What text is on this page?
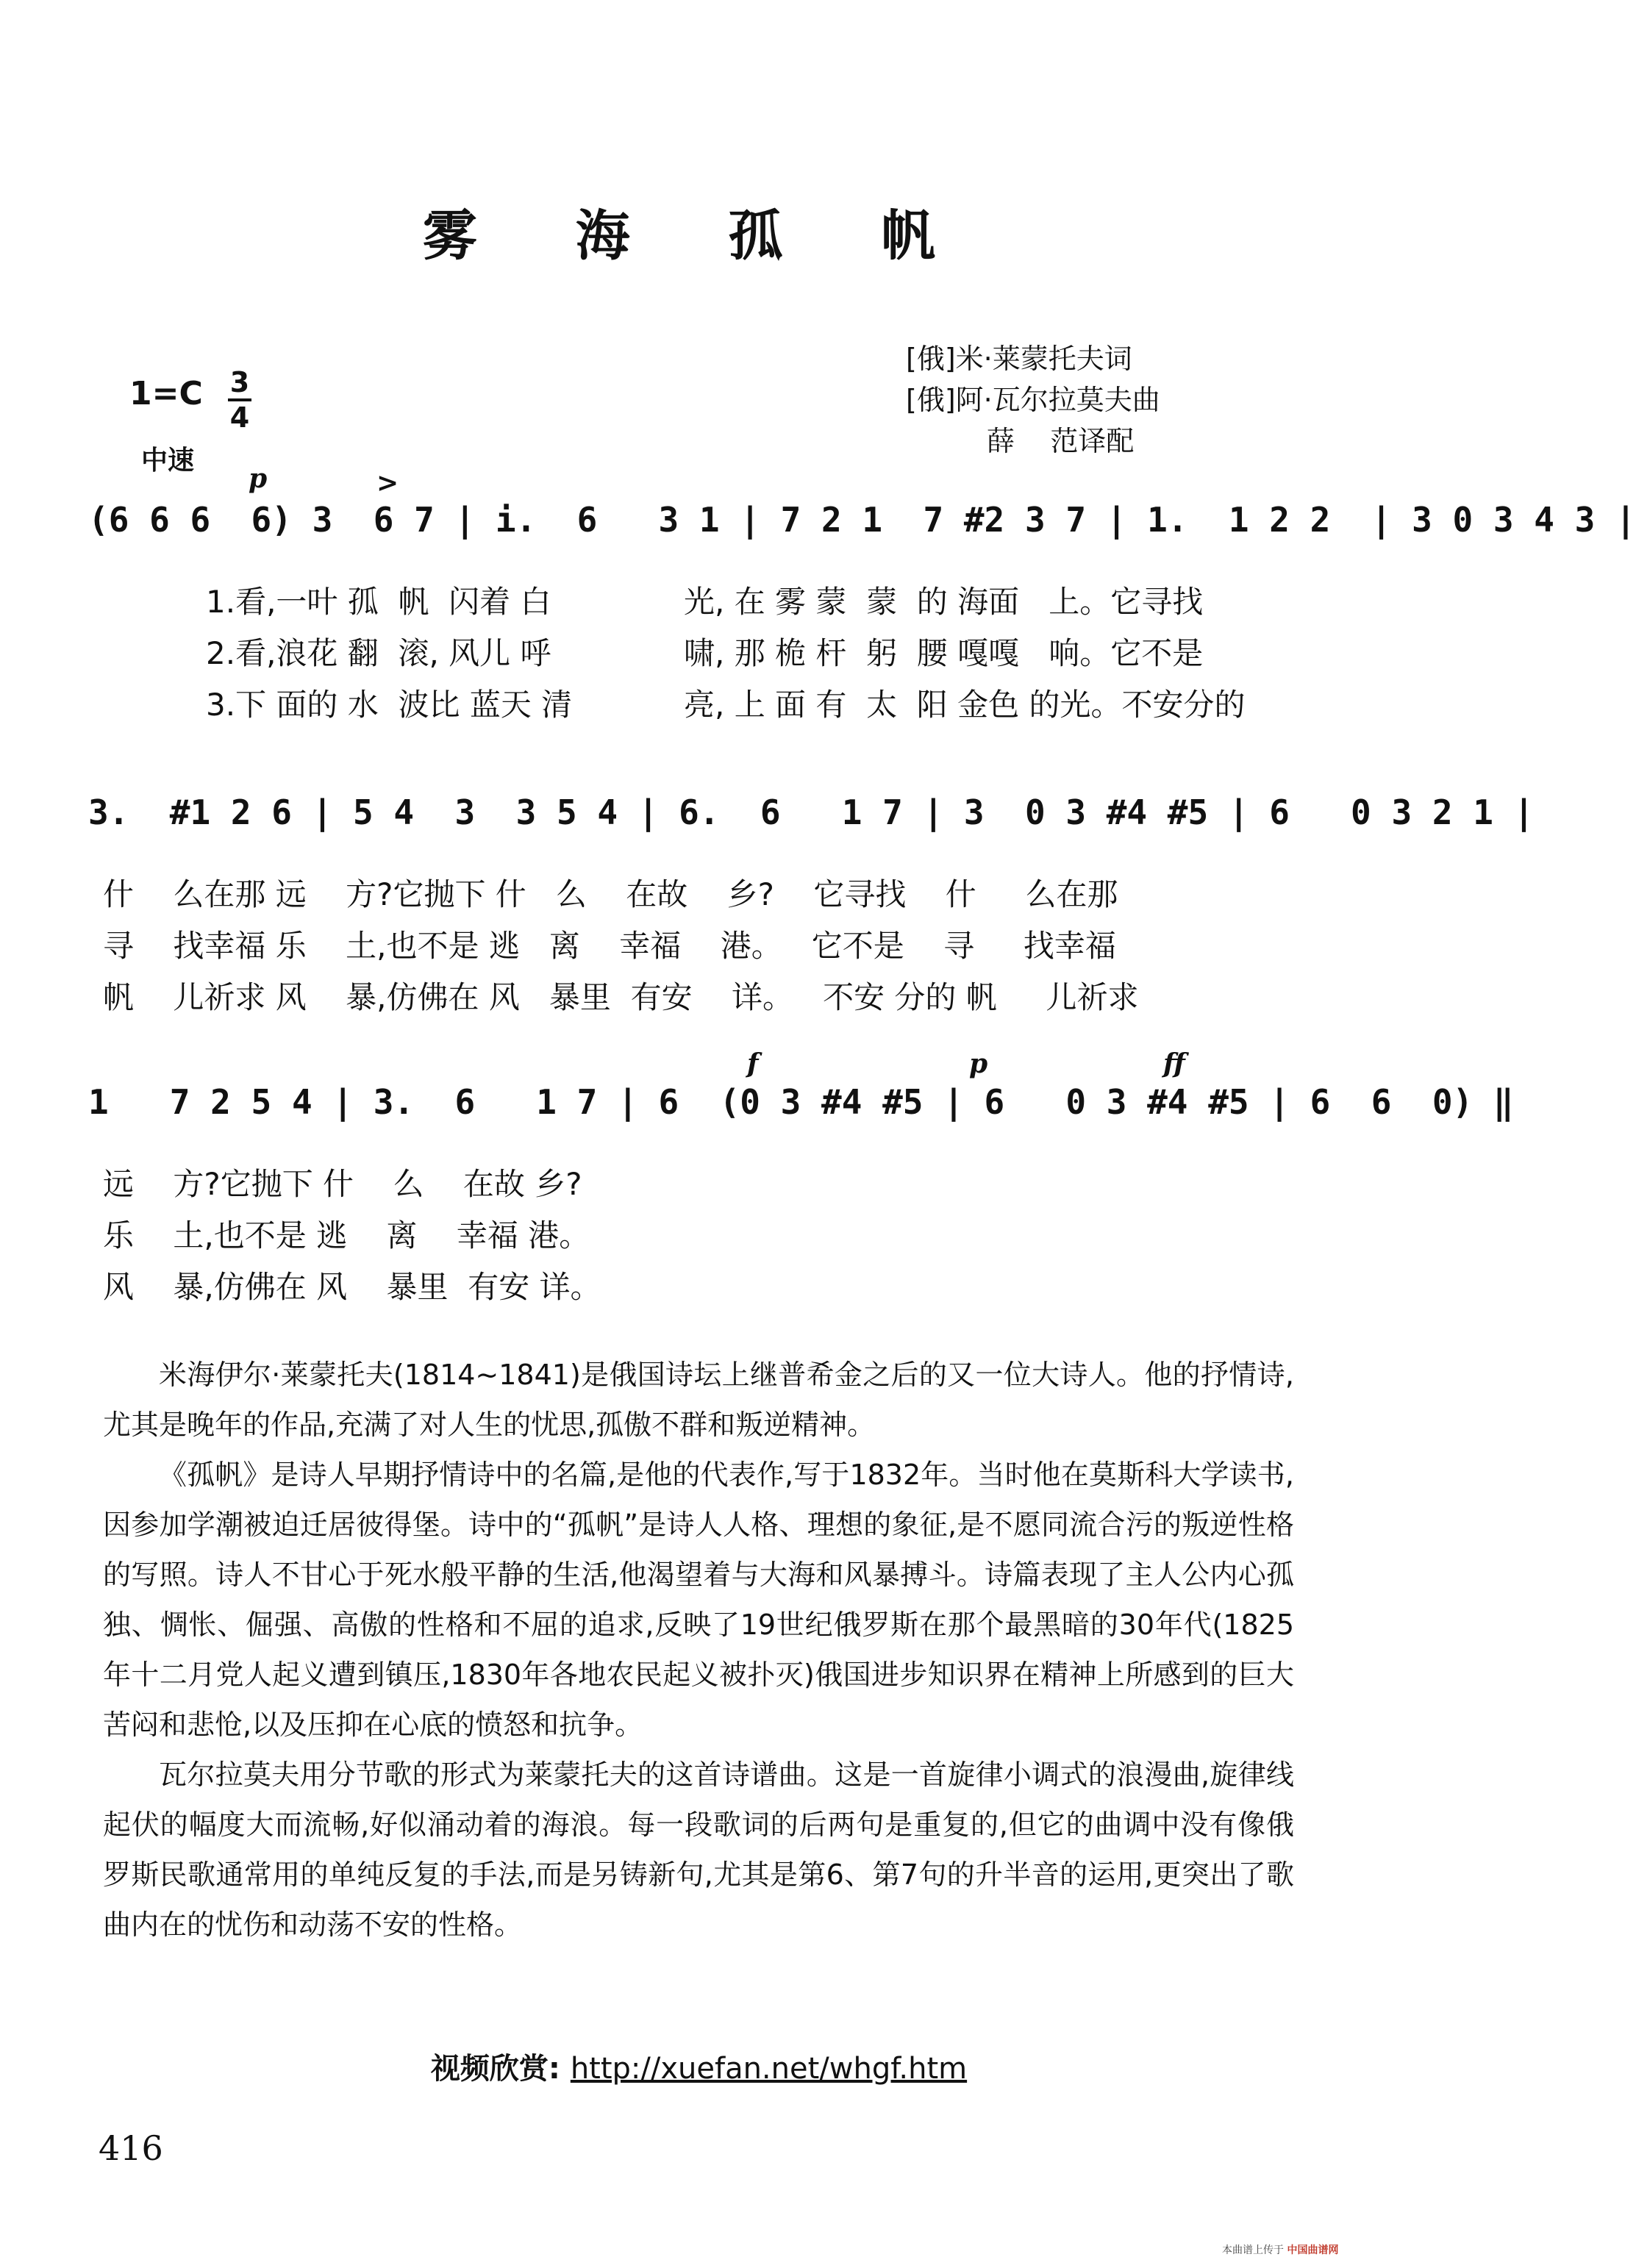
雾 海 孤 帆
[俄]米·莱蒙托夫词
[俄]阿·瓦尔拉莫夫曲
薛    范译配
1=C 3
4
中速
p	>
(6 6 6  6) 3  6 7 | i.  6   3 1 | 7 2 1  7 #2 3 7 | 1.  1 2 2  | 3 0 3 4 3 |
1.看,一叶 孤  帆  闪着 白	光, 在 雾 蒙  蒙  的 海面   上。它寻找
2.看,浪花 翻  滚, 风儿 呼	啸, 那 桅 杆  躬  腰 嘎嘎   响。它不是
3.下 面的 水  波比 蓝天 清	亮, 上 面 有  太  阳 金色 的光。不安分的
3.  #1 2 6 | 5 4  3  3 5 4 | 6.  6   1 7 | 3  0 3 #4 #5 | 6   0 3 2 1 |
什    么在那 远    方?它抛下 什   么    在故    乡?    它寻找    什     么在那
寻    找幸福 乐    土,也不是 逃   离    幸福    港。   它不是    寻     找幸福
帆    儿祈求 风    暴,仿佛在 风   暴里  有安    详。   不安 分的 帆     儿祈求
f	p	ff
1   7 2 5 4 | 3.  6   1 7 | 6  (0 3 #4 #5 | 6   0 3 #4 #5 | 6  6  0) ‖
远    方?它抛下 什    么    在故 乡?
乐    土,也不是 逃    离    幸福 港。
风    暴,仿佛在 风    暴里  有安 详。

米海伊尔·莱蒙托夫(1814~1841)是俄国诗坛上继普希金之后的又一位大诗人。他的抒情诗,尤其是晚年的作品,充满了对人生的忧思,孤傲不群和叛逆精神。

《孤帆》是诗人早期抒情诗中的名篇,是他的代表作,写于1832年。当时他在莫斯科大学读书,因参加学潮被迫迁居彼得堡。诗中的“孤帆”是诗人人格、理想的象征,是不愿同流合污的叛逆性格的写照。诗人不甘心于死水般平静的生活,他渴望着与大海和风暴搏斗。诗篇表现了主人公内心孤独、惆怅、倔强、高傲的性格和不屈的追求,反映了19世纪俄罗斯在那个最黑暗的30年代(1825年十二月党人起义遭到镇压,1830年各地农民起义被扑灭)俄国进步知识界在精神上所感到的巨大苦闷和悲怆,以及压抑在心底的愤怒和抗争。

瓦尔拉莫夫用分节歌的形式为莱蒙托夫的这首诗谱曲。这是一首旋律小调式的浪漫曲,旋律线起伏的幅度大而流畅,好似涌动着的海浪。每一段歌词的后两句是重复的,但它的曲调中没有像俄罗斯民歌通常用的单纯反复的手法,而是另铸新句,尤其是第6、第7句的升半音的运用,更突出了歌曲内在的忧伤和动荡不安的性格。

视频欣赏: http://xuefan.net/whgf.htm
416
本曲谱上传于 中国曲谱网
